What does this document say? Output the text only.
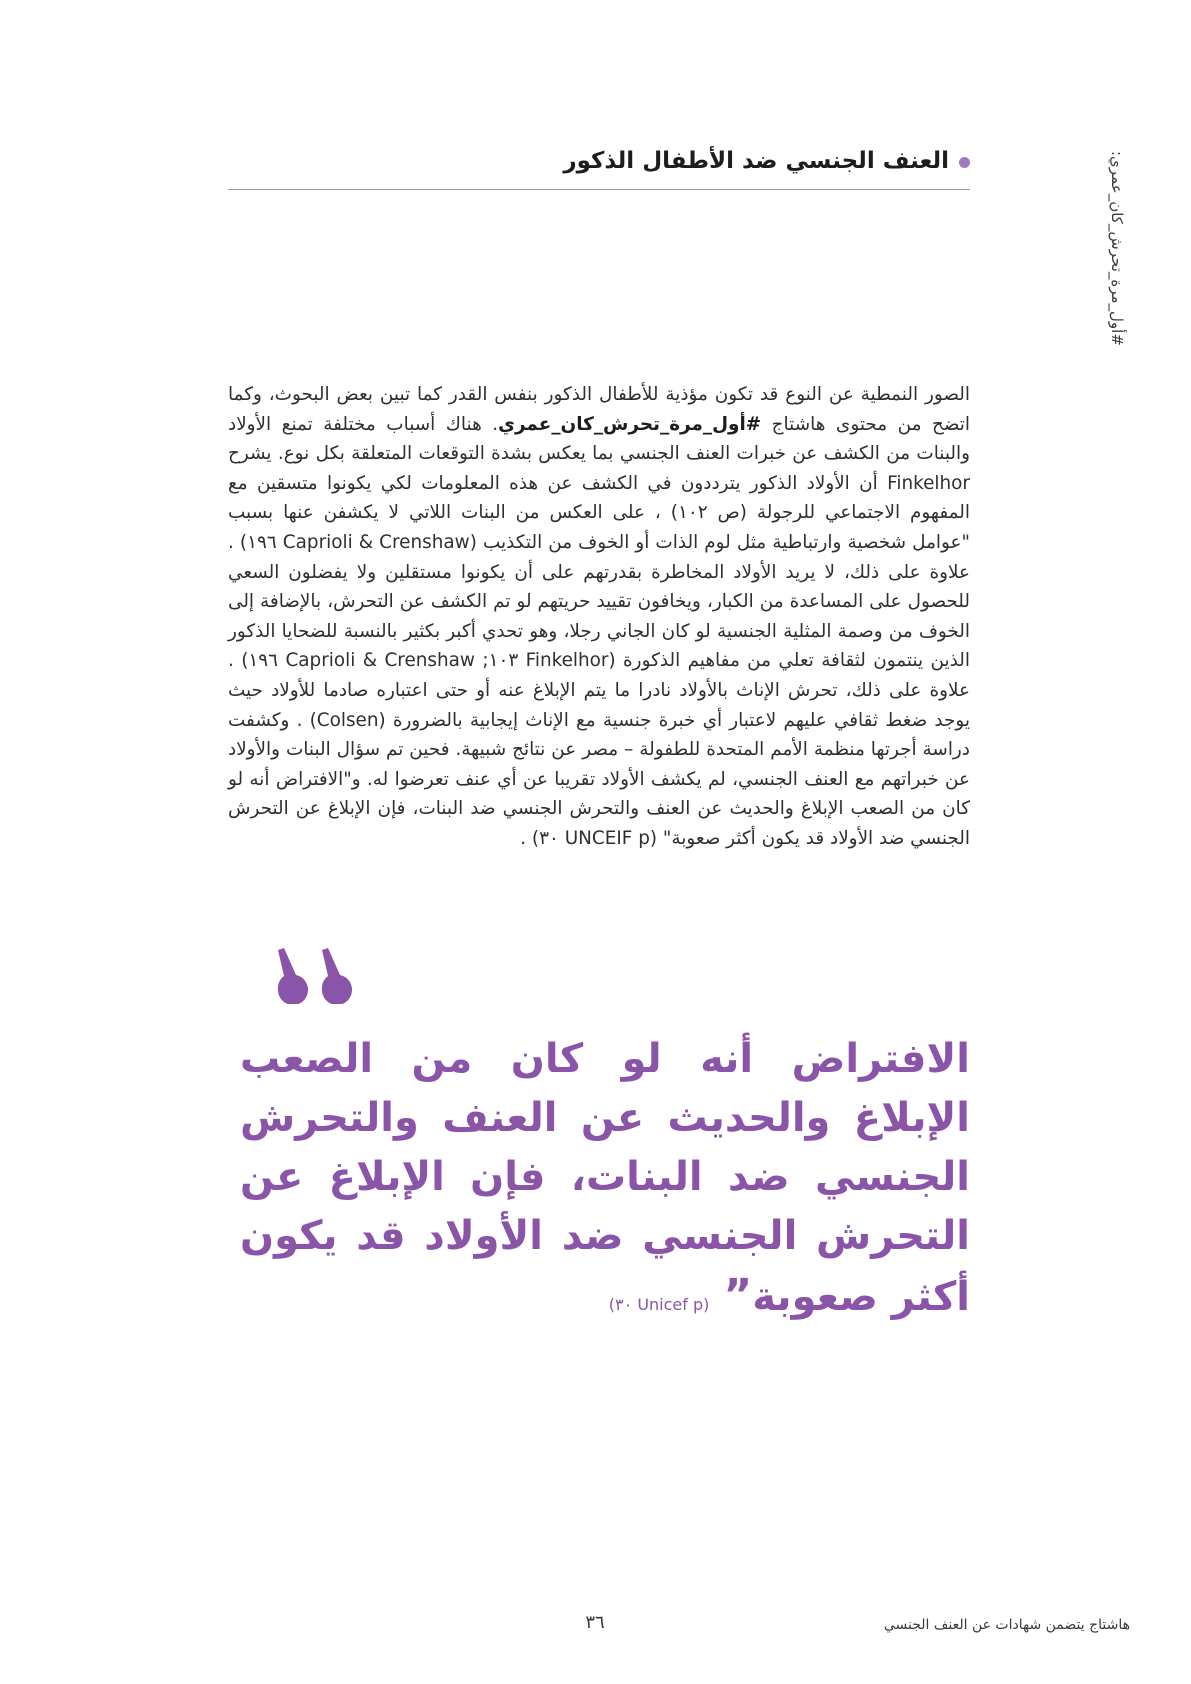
#أول_مرة_تحرش_كان_عمري:
العنف الجنسي ضد الأطفال الذكور
الصور النمطية عن النوع قد تكون مؤذية للأطفال الذكور بنفس القدر كما تبين بعض البحوث، وكما اتضح من محتوى هاشتاج #أول_مرة_تحرش_كان_عمري. هناك أسباب مختلفة تمنع الأولاد والبنات من الكشف عن خبرات العنف الجنسي بما يعكس بشدة التوقعات المتعلقة بكل نوع. يشرح Finkelhor أن الأولاد الذكور يترددون في الكشف عن هذه المعلومات لكي يكونوا متسقين مع المفهوم الاجتماعي للرجولة (ص ١٠٢) ، على العكس من البنات اللاتي لا يكشفن عنها بسبب "عوامل شخصية وارتباطية مثل لوم الذات أو الخوف من التكذيب (Caprioli & Crenshaw ١٩٦) . علاوة على ذلك، لا يريد الأولاد المخاطرة بقدرتهم على أن يكونوا مستقلين ولا يفضلون السعي للحصول على المساعدة من الكبار، ويخافون تقييد حريتهم لو تم الكشف عن التحرش، بالإضافة إلى الخوف من وصمة المثلية الجنسية لو كان الجاني رجلا، وهو تحدي أكبر بكثير بالنسبة للضحايا الذكور الذين ينتمون لثقافة تعلي من مفاهيم الذكورة (Finkelhor ١٠٣; Caprioli & Crenshaw ١٩٦) . علاوة على ذلك، تحرش الإناث بالأولاد نادرا ما يتم الإبلاغ عنه أو حتى اعتباره صادما للأولاد حيث يوجد ضغط ثقافي عليهم لاعتبار أي خبرة جنسية مع الإناث إيجابية بالضرورة (Colsen) . وكشفت دراسة أجرتها منظمة الأمم المتحدة للطفولة – مصر عن نتائج شبيهة. فحين تم سؤال البنات والأولاد عن خبراتهم مع العنف الجنسي، لم يكشف الأولاد تقريبا عن أي عنف تعرضوا له. و"الافتراض أنه لو كان من الصعب الإبلاغ والحديث عن العنف والتحرش الجنسي ضد البنات، فإن الإبلاغ عن التحرش الجنسي ضد الأولاد قد يكون أكثر صعوبة" (UNCEIF p ٣٠) .
الافتراض أنه لو كان من الصعب الإبلاغ والحديث عن العنف والتحرش الجنسي ضد البنات، فإن الإبلاغ عن التحرش الجنسي ضد الأولاد قد يكون أكثر صعوبة”(Unicef p ٣٠)
هاشتاج يتضمن شهادات عن العنف الجنسي
٣٦
